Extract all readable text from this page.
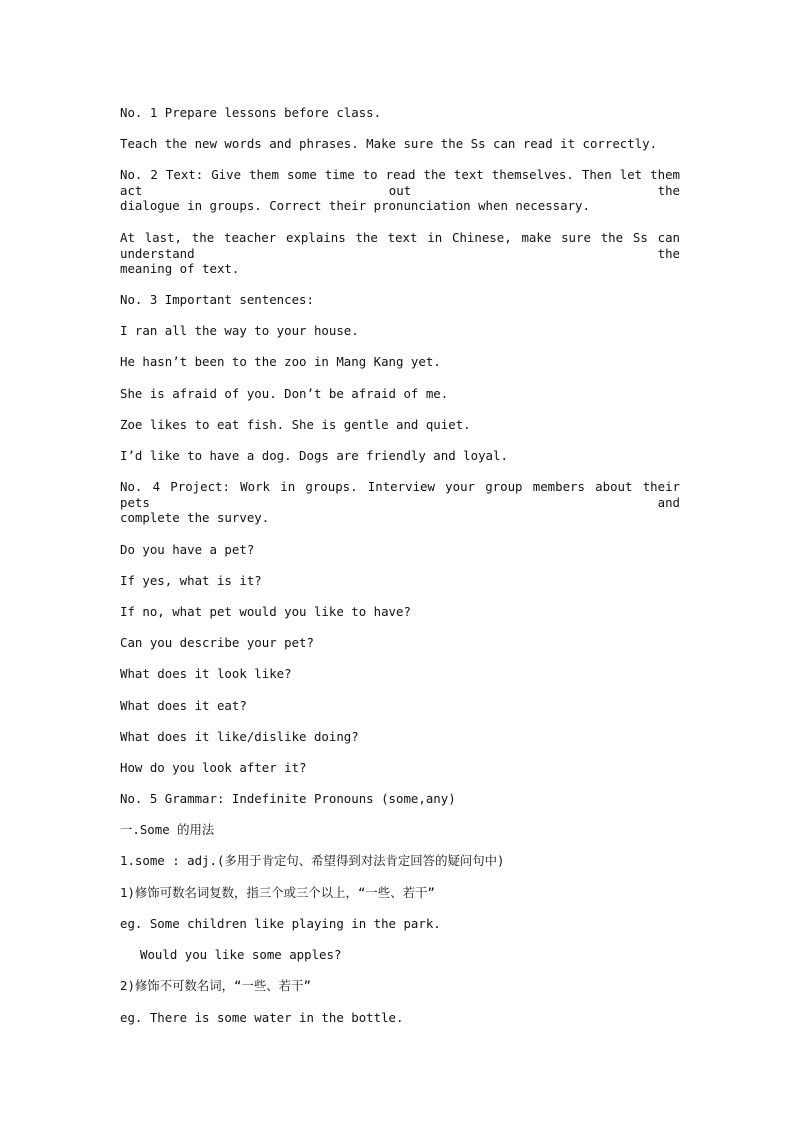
No. 1 Prepare lessons before class.
Teach the new words and phrases. Make sure the Ss can read it correctly.
No. 2 Text: Give them some time to read the text themselves. Then let them act out the
dialogue in groups. Correct their pronunciation when necessary.
At last, the teacher explains the text in Chinese, make sure the Ss can understand the
meaning of text.
No. 3 Important sentences:
I ran all the way to your house.
He hasn’t been to the zoo in Mang Kang yet.
She is afraid of you. Don’t be afraid of me.
Zoe likes to eat fish. She is gentle and quiet.
I’d like to have a dog. Dogs are friendly and loyal.
No. 4 Project: Work in groups. Interview your group members about their pets and
complete the survey.
Do you have a pet?
If yes, what is it?
If no, what pet would you like to have?
Can you describe your pet?
What does it look like?
What does it eat?
What does it like/dislike doing?
How do you look after it?
No. 5 Grammar: Indefinite Pronouns (some,any)
一.Some 的用法
1.some : adj.(多用于肯定句、希望得到对法肯定回答的疑问句中)
1)修饰可数名词复数，指三个或三个以上，“一些、若干”
eg. Some children like playing in the park.
Would you like some apples?
2)修饰不可数名词，“一些、若干”
eg. There is some water in the bottle.
